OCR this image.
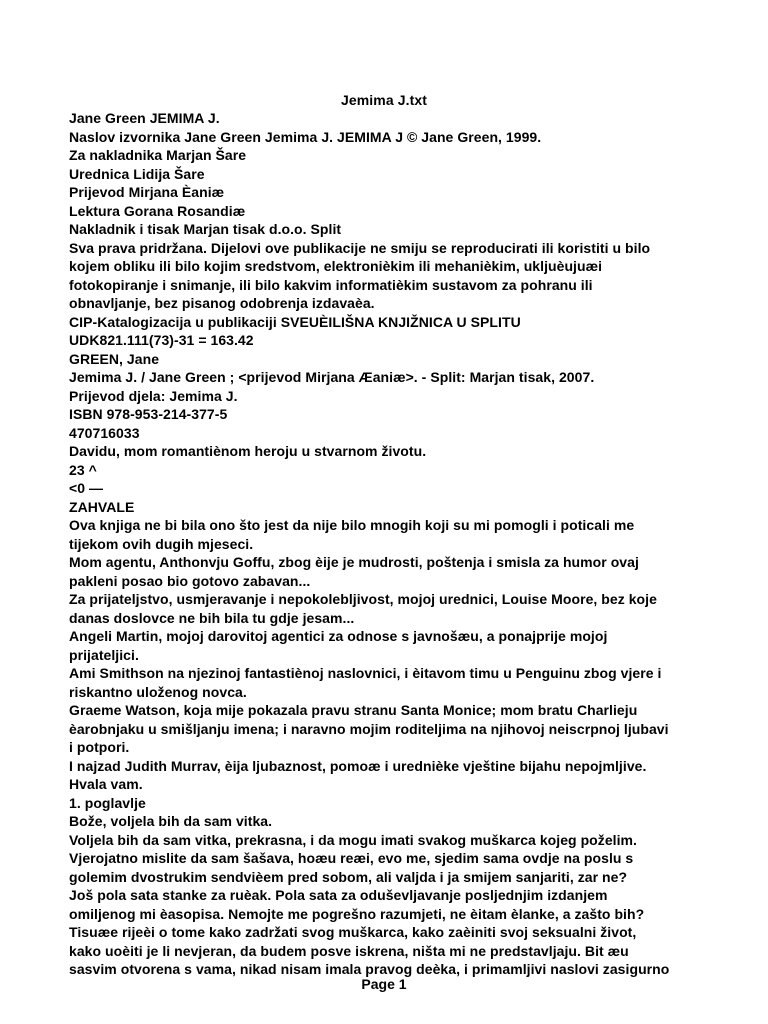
Jemima J.txt
Jane Green JEMIMA J.
Naslov izvornika Jane Green Jemima J. JEMIMA J © Jane Green, 1999.
Za nakladnika Marjan Šare
Urednica Lidija Šare
Prijevod Mirjana Èaniæ
Lektura Gorana Rosandiæ
Nakladnik i tisak Marjan tisak d.o.o. Split
Sva prava pridržana. Dijelovi ove publikacije ne smiju se reproducirati ili koristiti u bilo
kojem obliku ili bilo kojim sredstvom, elektronièkim ili mehanièkim, ukljuèujuæi
fotokopiranje i snimanje, ili bilo kakvim informatièkim sustavom za pohranu ili
obnavljanje, bez pisanog odobrenja izdavaèa.
CIP-Katalogizacija u publikaciji SVEUÈILIŠNA KNJIŽNICA U SPLITU
UDK821.111(73)-31 = 163.42
GREEN, Jane
Jemima J. / Jane Green ; <prijevod Mirjana Æaniæ>. - Split: Marjan tisak, 2007.
Prijevod djela: Jemima J.
ISBN 978-953-214-377-5
470716033
Davidu, mom romantiènom heroju u stvarnom životu.
23 ^
<0 —
ZAHVALE
Ova knjiga ne bi bila ono što jest da nije bilo mnogih koji su mi pomogli i poticali me
tijekom ovih dugih mjeseci.
Mom agentu, Anthonvju Goffu, zbog èije je mudrosti, poštenja i smisla za humor ovaj
pakleni posao bio gotovo zabavan...
Za prijateljstvo, usmjeravanje i nepokolebljivost, mojoj urednici, Louise Moore, bez koje
danas doslovce ne bih bila tu gdje jesam...
Angeli Martin, mojoj darovitoj agentici za odnose s javnošæu, a ponajprije mojoj
prijateljici.
Ami Smithson na njezinoj fantastiènoj naslovnici, i èitavom timu u Penguinu zbog vjere i
riskantno uloženog novca.
Graeme Watson, koja mije pokazala pravu stranu Santa Monice; mom bratu Charlieju
èarobnjaku u smišljanju imena; i naravno mojim roditeljima na njihovoj neiscrpnoj ljubavi
i potpori.
I najzad Judith Murrav, èija ljubaznost, pomoæ i urednièke vještine bijahu nepojmljive.
Hvala vam.
1. poglavlje
Bože, voljela bih da sam vitka.
Voljela bih da sam vitka, prekrasna, i da mogu imati svakog muškarca kojeg poželim.
Vjerojatno mislite da sam šašava, hoæu reæi, evo me, sjedim sama ovdje na poslu s
golemim dvostrukim sendvièem pred sobom, ali valjda i ja smijem sanjariti, zar ne?
Još pola sata stanke za ruèak. Pola sata za oduševljavanje posljednjim izdanjem
omiljenog mi èasopisa. Nemojte me pogrešno razumjeti, ne èitam èlanke, a zašto bih?
Tisuæe rijeèi o tome kako zadržati svog muškarca, kako zaèiniti svoj seksualni život,
kako uoèiti je li nevjeran, da budem posve iskrena, ništa mi ne predstavljaju. Bit æu
sasvim otvorena s vama, nikad nisam imala pravog deèka, i primamljivi naslovi zasigurno
Page 1
